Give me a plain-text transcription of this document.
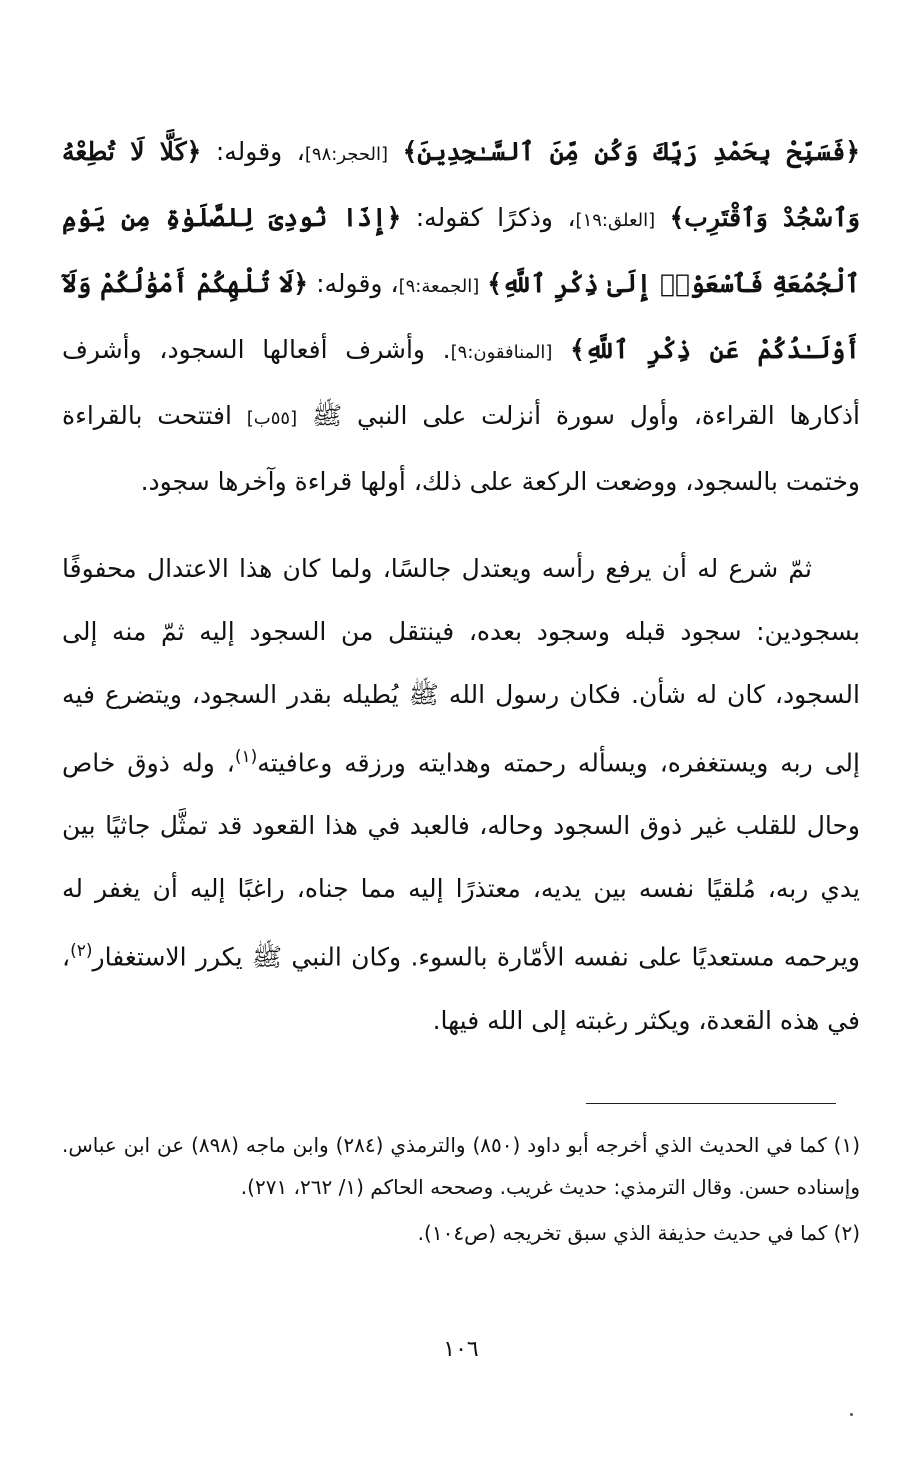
﴿فَسَبِّحْ بِحَمْدِ رَبِّكَ وَكُن مِّنَ ٱلسَّـٰجِدِينَ﴾ [الحجر:٩٨]، وقوله: ﴿كَلَّا لَا تُطِعْهُ وَٱسْجُدْ وَٱقْتَرِب﴾ [العلق:١٩]، وذكرًا كقوله: ﴿إِذَا نُودِىَ لِلصَّلَوٰةِ مِن يَوْمِ ٱلْجُمُعَةِ فَٱسْعَوْا۟ إِلَىٰ ذِكْرِ ٱللَّهِ﴾ [الجمعة:٩]، وقوله: ﴿لَا تُلْهِكُمْ أَمْوَٰلُكُمْ وَلَآ أَوْلَـٰدُكُمْ عَن ذِكْرِ ٱللَّهِ﴾ [المنافقون:٩]. وأشرف أفعالها السجود، وأشرف أذكارها القراءة، وأول سورة أنزلت على النبي ﷺ [٥٥ب] افتتحت بالقراءة وختمت بالسجود، ووضعت الركعة على ذلك، أولها قراءة وآخرها سجود.

ثمّ شرع له أن يرفع رأسه ويعتدل جالسًا، ولما كان هذا الاعتدال محفوفًا بسجودين: سجود قبله وسجود بعده، فينتقل من السجود إليه ثمّ منه إلى السجود، كان له شأن. فكان رسول الله ﷺ يُطيله بقدر السجود، ويتضرع فيه إلى ربه ويستغفره، ويسأله رحمته وهدايته ورزقه وعافيته$^{(١)}$، وله ذوق خاص وحال للقلب غير ذوق السجود وحاله، فالعبد في هذا القعود قد تمثَّل جاثيًا بين يدي ربه، مُلقيًا نفسه بين يديه، معتذرًا إليه مما جناه، راغبًا إليه أن يغفر له ويرحمه مستعديًا على نفسه الأمّارة بالسوء. وكان النبي ﷺ يكرر الاستغفار$^{(٢)}$، في هذه القعدة، ويكثر رغبته إلى الله فيها.

(١) كما في الحديث الذي أخرجه أبو داود (٨٥٠) والترمذي (٢٨٤) وابن ماجه (٨٩٨) عن ابن عباس. وإسناده حسن. وقال الترمذي: حديث غريب. وصححه الحاكم (١/ ٢٦٢، ٢٧١).

(٢) كما في حديث حذيفة الذي سبق تخريجه (ص١٠٤).

١٠٦
